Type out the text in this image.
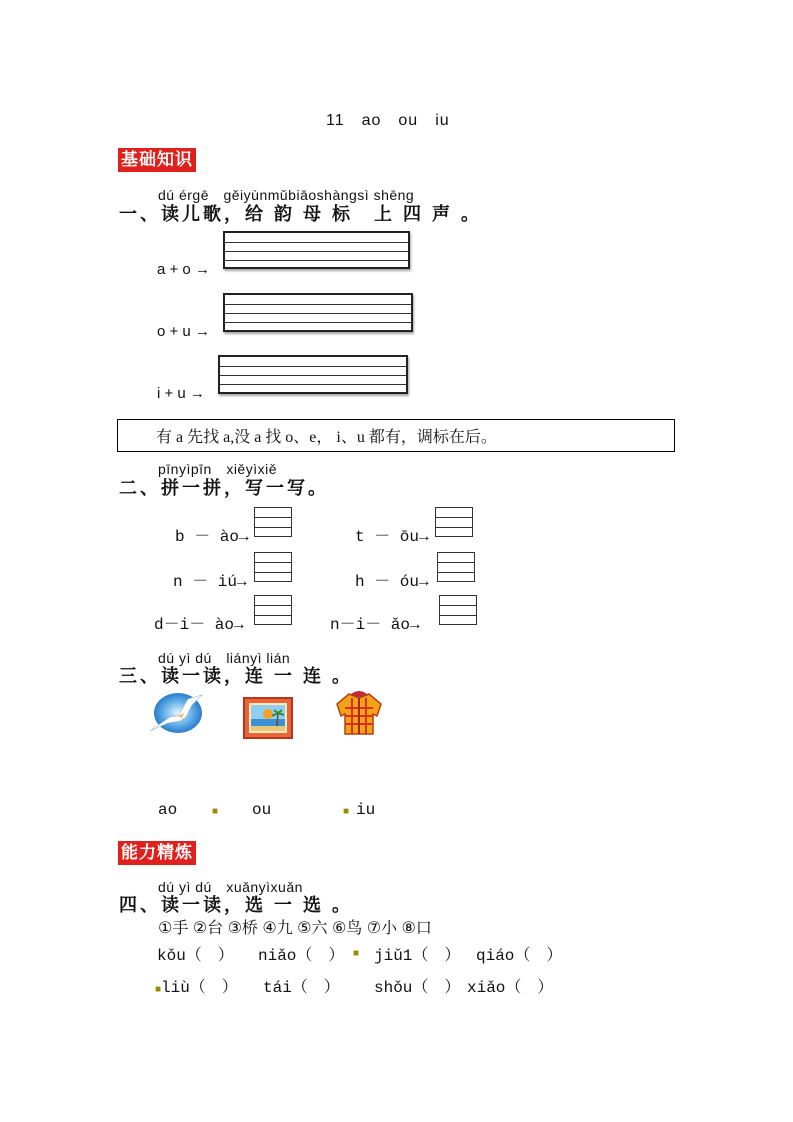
11　ao　ou　iu
基础知识
dú érgē　gěiyùnmǔbiāoshàngsì shēng
一、读儿歌，给 韵 母 标　上 四 声 。
a + o →
o + u →
i + u →
有 a 先找 a,没 a 找 o、e， i、u 都有，调标在后。
pīnyìpīn　xiěyìxiě
二、拼一拼，写一写。
b － ào→	t － ōu→
n － iú→	h － óu→
d－i－ ào→	n－i－ ǎo→
dú yì dú　liányì lián
三、读一读，连 一 连 。
ao	■ ou	■ iu
能力精炼
dú yì dú　xuǎnyìxuǎn
四、读一读，选 一 选 。
①手 ②台 ③桥 ④九 ⑤六 ⑥鸟 ⑦小 ⑧口
kǒu（　） niǎo（　） ■ jiǔ1（　） qiáo（　）
■ liù（　） tái（　） shǒu（　） xiǎo（　）
